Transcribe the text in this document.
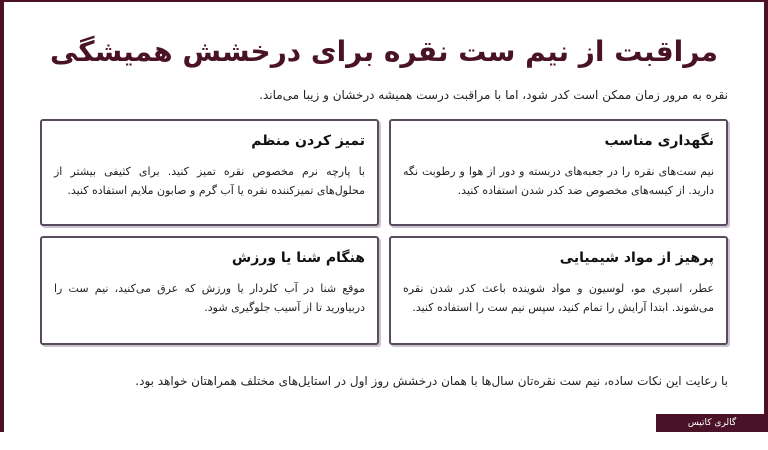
مراقبت از نیم ست نقره برای درخشش همیشگی
نقره به مرور زمان ممکن است کدر شود، اما با مراقبت درست همیشه درخشان و زیبا می‌ماند.
نگهداری مناسب
نیم ست‌های نقره را در جعبه‌های دربسته و دور از هوا و رطوبت نگه دارید. از کیسه‌های مخصوص ضد کدر شدن استفاده کنید.
تمیز کردن منظم
با پارچه نرم مخصوص نقره تمیز کنید. برای کثیفی بیشتر از محلول‌های تمیزکننده نقره یا آب گرم و صابون ملایم استفاده کنید.
پرهیز از مواد شیمیایی
عطر، اسپری مو، لوسیون و مواد شوینده باعث کدر شدن نقره می‌شوند. ابتدا آرایش را تمام کنید، سپس نیم ست را استفاده کنید.
هنگام شنا یا ورزش
موقع شنا در آب کلردار یا ورزش که عرق می‌کنید، نیم ست را دربیاورید تا از آسیب جلوگیری شود.
با رعایت این نکات ساده، نیم ست نقره‌تان سال‌ها با همان درخشش روز اول در استایل‌های مختلف همراهتان خواهد بود.
گالری کاتیس katisgallery.com
